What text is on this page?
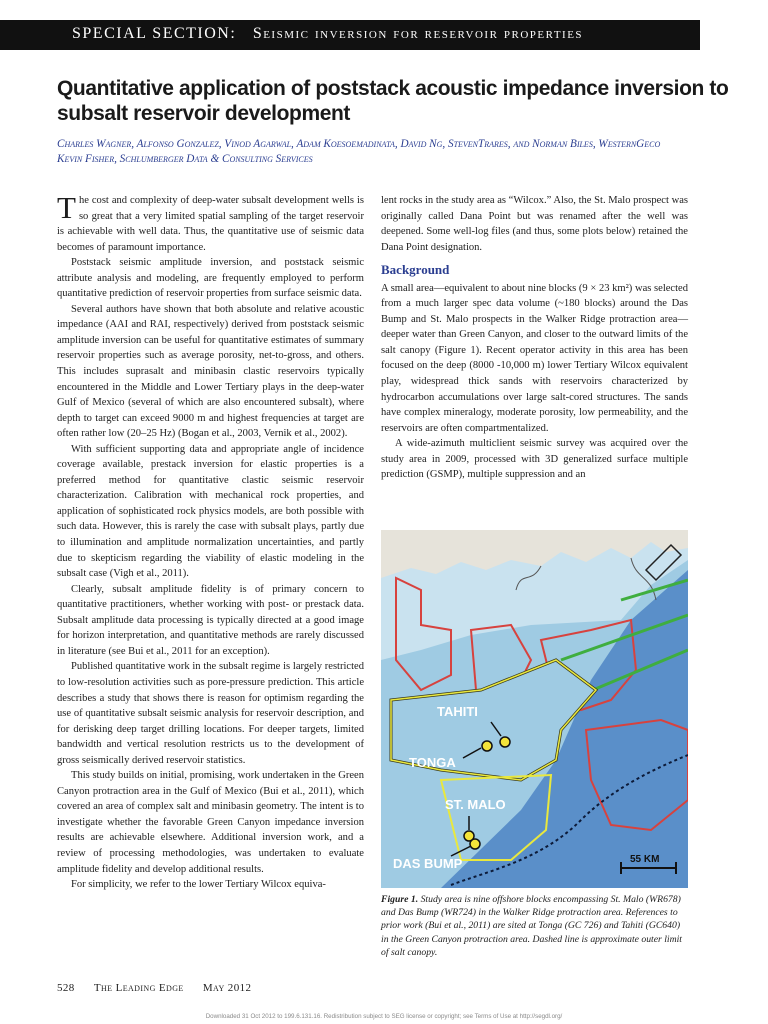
SPECIAL SECTION: Seismic inversion for reservoir properties
Quantitative application of poststack acoustic impedance inversion to subsalt reservoir development
Charles Wagner, Alfonso Gonzalez, Vinod Agarwal, Adam Koesoemadinata, David Ng, StevenTrares, and Norman Biles, WesternGeco
Kevin Fisher, Schlumberger Data & Consulting Services

The cost and complexity of deep-water subsalt development wells is so great that a very limited spatial sampling of the target reservoir is achievable with well data. Thus, the quantitative use of seismic data becomes of paramount importance.

Poststack seismic amplitude inversion, and poststack seismic attribute analysis and modeling, are frequently employed to perform quantitative prediction of reservoir properties from surface seismic data.

Several authors have shown that both absolute and relative acoustic impedance (AAI and RAI, respectively) derived from poststack seismic amplitude inversion can be useful for quantitative estimates of summary reservoir properties such as average porosity, net-to-gross, and others. This includes suprasalt and minibasin clastic reservoirs typically encountered in the Middle and Lower Tertiary plays in the deep-water Gulf of Mexico (several of which are also encountered subsalt), where depth to target can exceed 9000 m and highest frequencies at target are often rather low (20–25 Hz) (Bogan et al., 2003, Vernik et al., 2002).

With sufficient supporting data and appropriate angle of incidence coverage available, prestack inversion for elastic properties is a preferred method for quantitative clastic seismic reservoir characterization. Calibration with mechanical rock properties, and application of sophisticated rock physics models, are both possible with such data. However, this is rarely the case with subsalt plays, partly due to illumination and amplitude normalization uncertainties, and partly due to skepticism regarding the viability of elastic modeling in the subsalt case (Vigh et al., 2011).

Clearly, subsalt amplitude fidelity is of primary concern to quantitative practitioners, whether working with post- or prestack data. Subsalt amplitude data processing is typically directed at a good image for horizon interpretation, and quantitative methods are rarely discussed in literature (see Bui et al., 2011 for an exception).

Published quantitative work in the subsalt regime is largely restricted to low-resolution activities such as pore-pressure prediction. This article describes a study that shows there is reason for optimism regarding the use of quantitative subsalt seismic analysis for reservoir description, and for derisking deep target drilling locations. For deeper targets, limited bandwidth and vertical resolution restricts us to the development of gross seismically derived reservoir statistics.

This study builds on initial, promising, work undertaken in the Green Canyon protraction area in the Gulf of Mexico (Bui et al., 2011), which covered an area of complex salt and minibasin geometry. The intent is to investigate whether the favorable Green Canyon impedance inversion results are achievable elsewhere. Additional inversion work, and a review of processing methodologies, was undertaken to evaluate amplitude fidelity and develop additional results.

For simplicity, we refer to the lower Tertiary Wilcox equiva-

lent rocks in the study area as “Wilcox.” Also, the St. Malo prospect was originally called Dana Point but was renamed after the well was deepened. Some well-log files (and thus, some plots below) retained the Dana Point designation.

Background

A small area—equivalent to about nine blocks (9 × 23 km²) was selected from a much larger spec data volume (~180 blocks) around the Das Bump and St. Malo prospects in the Walker Ridge protraction area—deeper water than Green Canyon, and closer to the outward limits of the salt canopy (Figure 1). Recent operator activity in this area has been focused on the deep (8000 -10,000 m) lower Tertiary Wilcox equivalent play, widespread thick sands with reservoirs characterized by hydrocarbon accumulations over large salt-cored structures. The sands have complex mineralogy, moderate porosity, low permeability, and the reservoirs are often compartmentalized.

A wide-azimuth multiclient seismic survey was acquired over the study area in 2009, processed with 3D generalized surface multiple prediction (GSMP), multiple suppression and an

TAHITI
TONGA
ST. MALO
DAS BUMP	55 KM
Figure 1. Study area is nine offshore blocks encompassing St. Malo (WR678) and Das Bump (WR724) in the Walker Ridge protraction area. References to prior work (Bui et al., 2011) are sited at Tonga (GC 726) and Tahiti (GC640) in the Green Canyon protraction area. Dashed line is approximate outer limit of salt canopy.
528 The Leading Edge May 2012
Downloaded 31 Oct 2012 to 199.6.131.16. Redistribution subject to SEG license or copyright; see Terms of Use at http://segdl.org/
